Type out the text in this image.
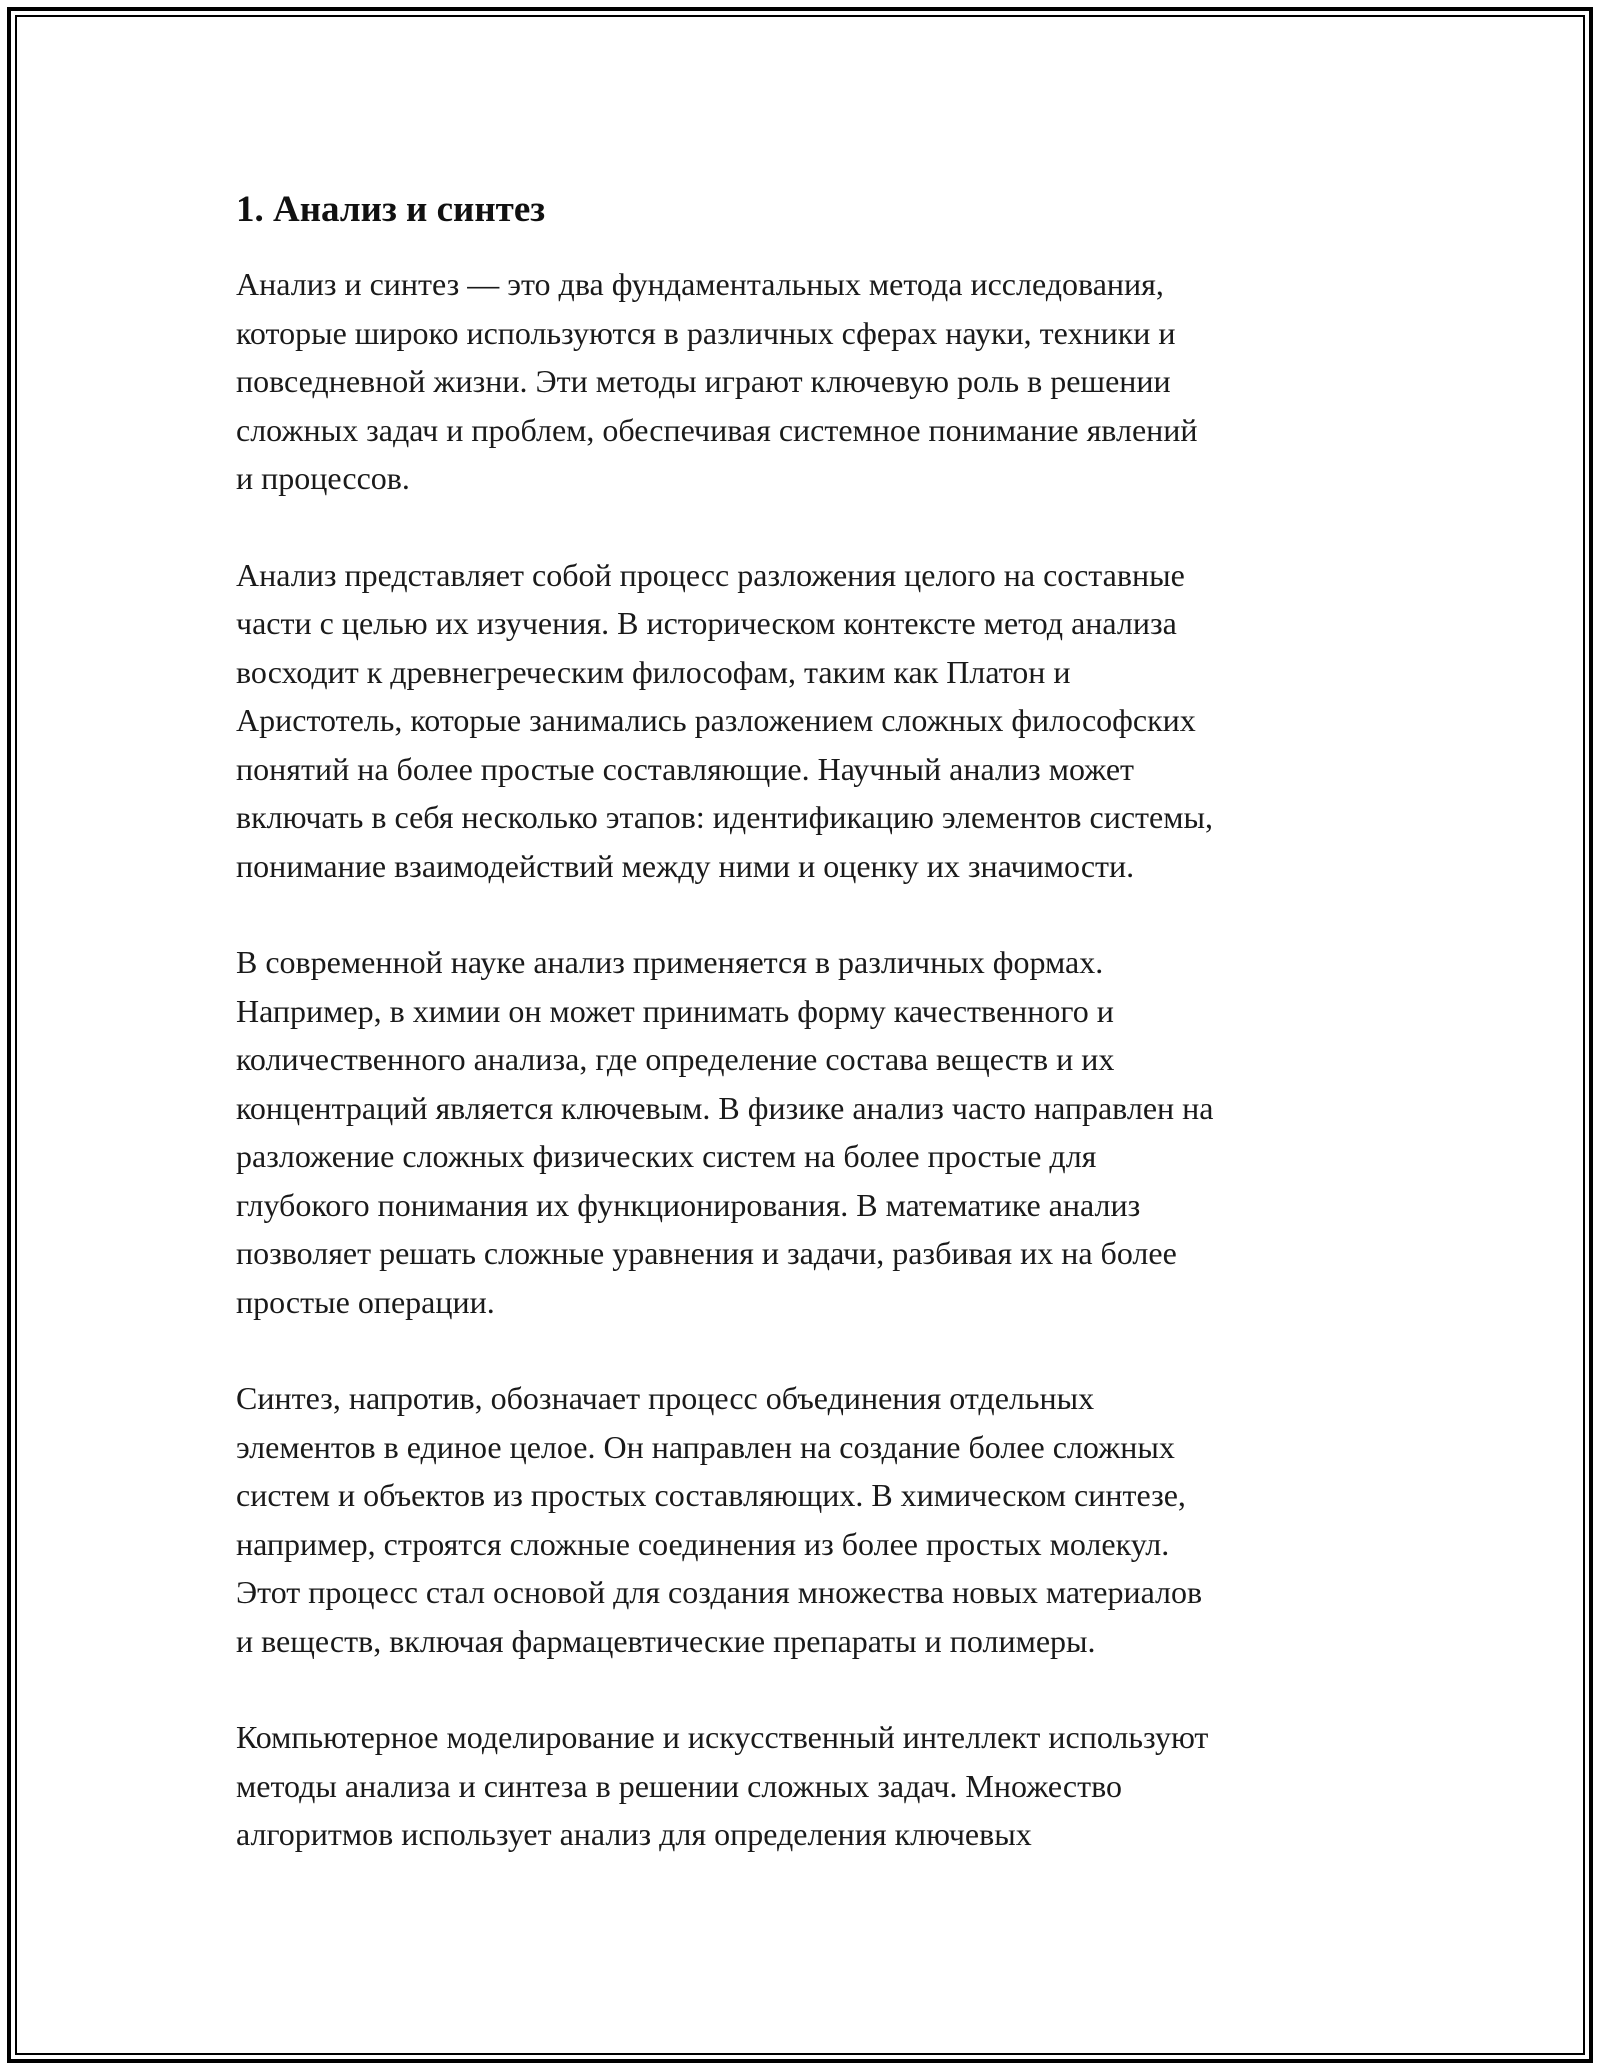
1. Анализ и синтез

Анализ и синтез — это два фундаментальных метода исследования,
которые широко используются в различных сферах науки, техники и
повседневной жизни. Эти методы играют ключевую роль в решении
сложных задач и проблем, обеспечивая системное понимание явлений
и процессов.

Анализ представляет собой процесс разложения целого на составные
части с целью их изучения. В историческом контексте метод анализа
восходит к древнегреческим философам, таким как Платон и
Аристотель, которые занимались разложением сложных философских
понятий на более простые составляющие. Научный анализ может
включать в себя несколько этапов: идентификацию элементов системы,
понимание взаимодействий между ними и оценку их значимости.

В современной науке анализ применяется в различных формах.
Например, в химии он может принимать форму качественного и
количественного анализа, где определение состава веществ и их
концентраций является ключевым. В физике анализ часто направлен на
разложение сложных физических систем на более простые для
глубокого понимания их функционирования. В математике анализ
позволяет решать сложные уравнения и задачи, разбивая их на более
простые операции.

Синтез, напротив, обозначает процесс объединения отдельных
элементов в единое целое. Он направлен на создание более сложных
систем и объектов из простых составляющих. В химическом синтезе,
например, строятся сложные соединения из более простых молекул.
Этот процесс стал основой для создания множества новых материалов
и веществ, включая фармацевтические препараты и полимеры.

Компьютерное моделирование и искусственный интеллект используют
методы анализа и синтеза в решении сложных задач. Множество
алгоритмов использует анализ для определения ключевых
